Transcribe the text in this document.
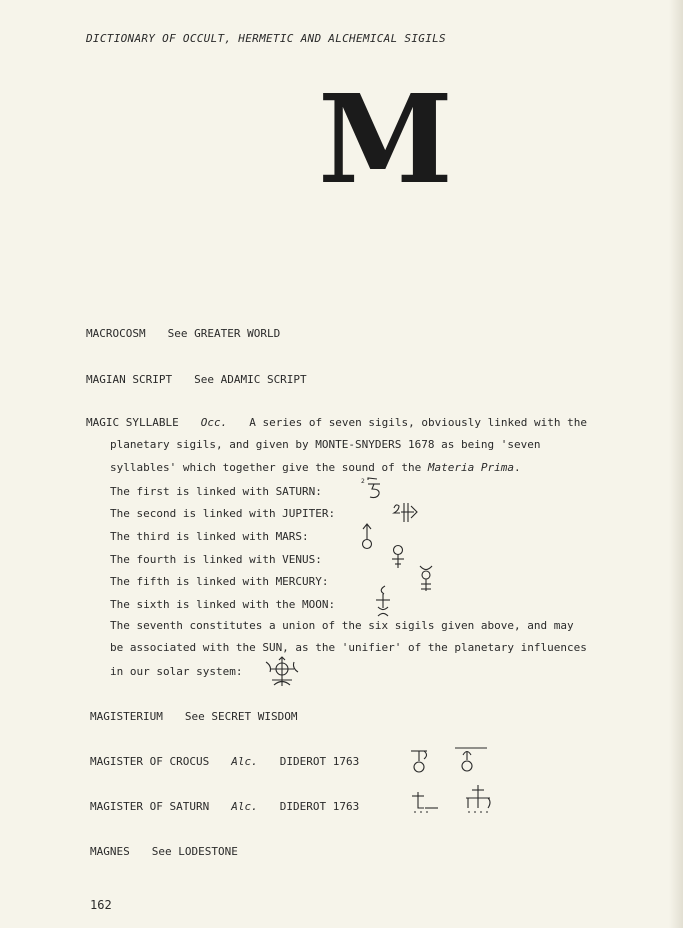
DICTIONARY OF OCCULT, HERMETIC AND ALCHEMICAL SIGILS
M
MACROCOSM See GREATER WORLD
MAGIAN SCRIPT See ADAMIC SCRIPT
MAGIC SYLLABLE Occ. A series of seven sigils, obviously linked with the
planetary sigils, and given by MONTE-SNYDERS 1678 as being 'seven
syllables' which together give the sound of the Materia Prima.
The first is linked with SATURN:
2
The second is linked with JUPITER:
The third is linked with MARS:
The fourth is linked with VENUS:
The fifth is linked with MERCURY:
The sixth is linked with the MOON:
The seventh constitutes a union of the six sigils given above, and may
be associated with the SUN, as the 'unifier' of the planetary influences
in our solar system:
MAGISTERIUM See SECRET WISDOM
MAGISTER OF CROCUS Alc. DIDEROT 1763
MAGISTER OF SATURN Alc. DIDEROT 1763
MAGNES See LODESTONE
162
